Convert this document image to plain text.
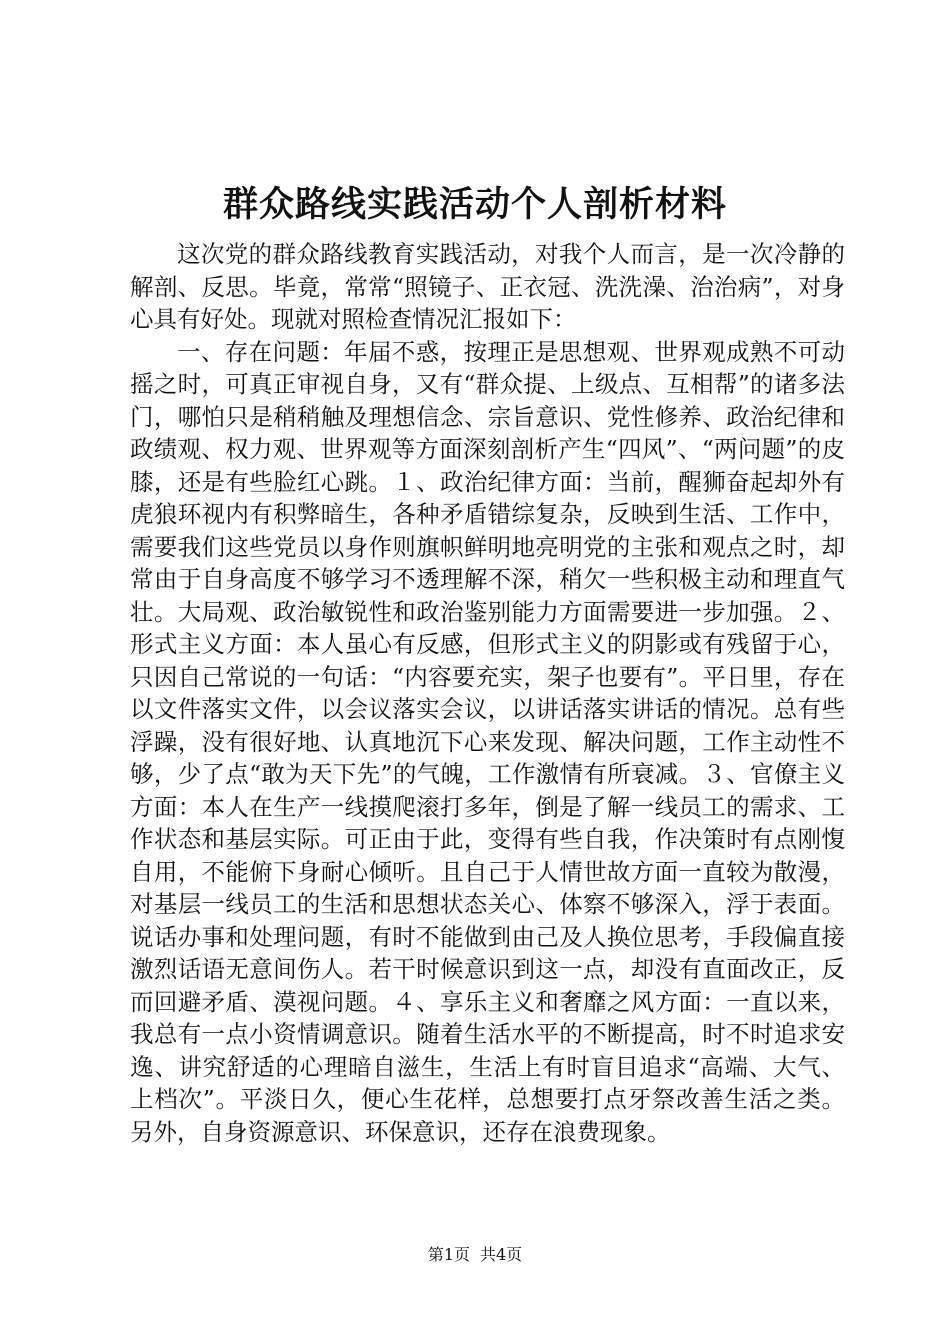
群众路线实践活动个人剖析材料

这次党的群众路线教育实践活动，对我个人而言，是一次冷静的解剖、反思。毕竟，常常“照镜子、正衣冠、洗洗澡、治治病”，对身心具有好处。现就对照检查情况汇报如下：

一、存在问题：年届不惑，按理正是思想观、世界观成熟不可动摇之时，可真正审视自身，又有“群众提、上级点、互相帮”的诸多法门，哪怕只是稍稍触及理想信念、宗旨意识、党性修养、政治纪律和政绩观、权力观、世界观等方面深刻剖析产生“四风”、“两问题”的皮膝，还是有些脸红心跳。１、政治纪律方面：当前，醒狮奋起却外有虎狼环视内有积弊暗生，各种矛盾错综复杂，反映到生活、工作中，需要我们这些党员以身作则旗帜鲜明地亮明党的主张和观点之时，却常由于自身高度不够学习不透理解不深，稍欠一些积极主动和理直气壮。大局观、政治敏锐性和政治鉴别能力方面需要进一步加强。２、形式主义方面：本人虽心有反感，但形式主义的阴影或有残留于心，只因自己常说的一句话：“内容要充实，架子也要有”。平日里，存在以文件落实文件，以会议落实会议，以讲话落实讲话的情况。总有些浮躁，没有很好地、认真地沉下心来发现、解决问题，工作主动性不够，少了点“敢为天下先”的气魄，工作激情有所衰减。３、官僚主义方面：本人在生产一线摸爬滚打多年，倒是了解一线员工的需求、工作状态和基层实际。可正由于此，变得有些自我，作决策时有点刚愎自用，不能俯下身耐心倾听。且自己于人情世故方面一直较为散漫，对基层一线员工的生活和思想状态关心、体察不够深入，浮于表面。说话办事和处理问题，有时不能做到由己及人换位思考，手段偏直接激烈话语无意间伤人。若干时候意识到这一点，却没有直面改正，反而回避矛盾、漠视问题。４、享乐主义和奢靡之风方面：一直以来，我总有一点小资情调意识。随着生活水平的不断提高，时不时追求安逸、讲究舒适的心理暗自滋生，生活上有时盲目追求“高端、大气、上档次”。平淡日久，便心生花样，总想要打点牙祭改善生活之类。另外，自身资源意识、环保意识，还存在浪费现象。

第1页 共4页
